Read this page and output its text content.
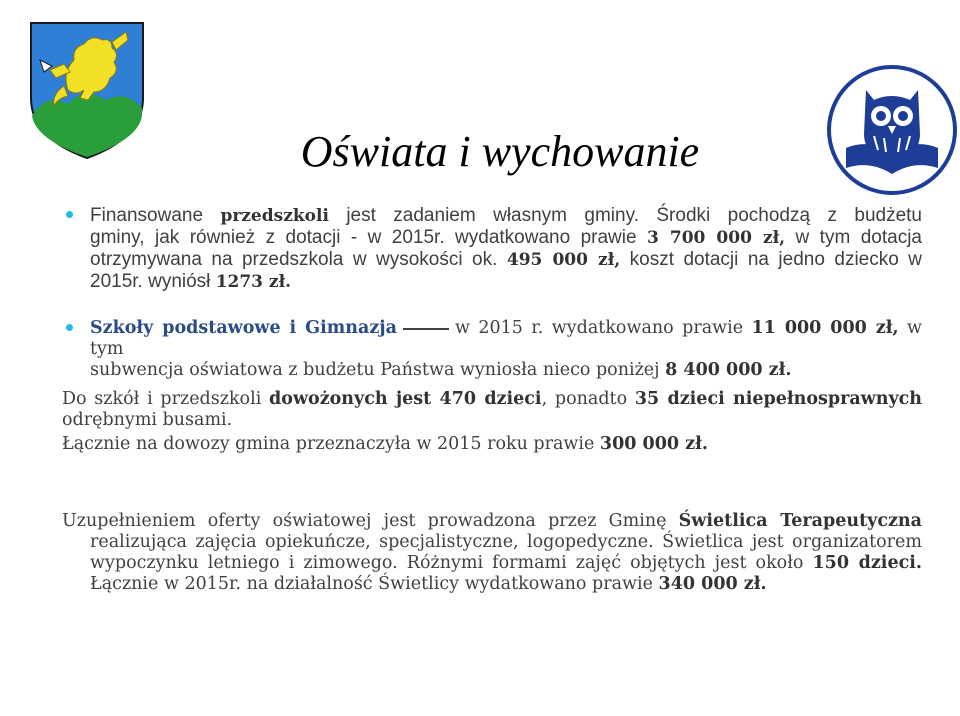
Oświata i wychowanie
Finansowane przedszkoli jest zadaniem własnym gminy. Środki pochodzą z budżetu
gminy, jak również z dotacji - w 2015r. wydatkowano prawie 3 700 000 zł, w tym dotacja
otrzymywana na przedszkola w wysokości ok. 495 000 zł, koszt dotacji na jedno dziecko w
2015r. wyniósł 1273 zł.
Szkoły podstawowe i Gimnazja	w 2015 r. wydatkowano prawie 11 000 000 zł, w tym
subwencja oświatowa z budżetu Państwa wyniosła nieco poniżej 8 400 000 zł.
Do szkół i przedszkoli dowożonych jest 470 dzieci, ponadto 35 dzieci niepełnosprawnych
odrębnymi busami.
Łącznie na dowozy gmina przeznaczyła w 2015 roku prawie 300 000 zł.
Uzupełnieniem oferty oświatowej jest prowadzona przez Gminę Świetlica Terapeutyczna
realizująca zajęcia opiekuńcze, specjalistyczne, logopedyczne. Świetlica jest organizatorem
wypoczynku letniego i zimowego. Różnymi formami zajęć objętych jest około 150 dzieci.
Łącznie w 2015r. na działalność Świetlicy wydatkowano prawie 340 000 zł.
